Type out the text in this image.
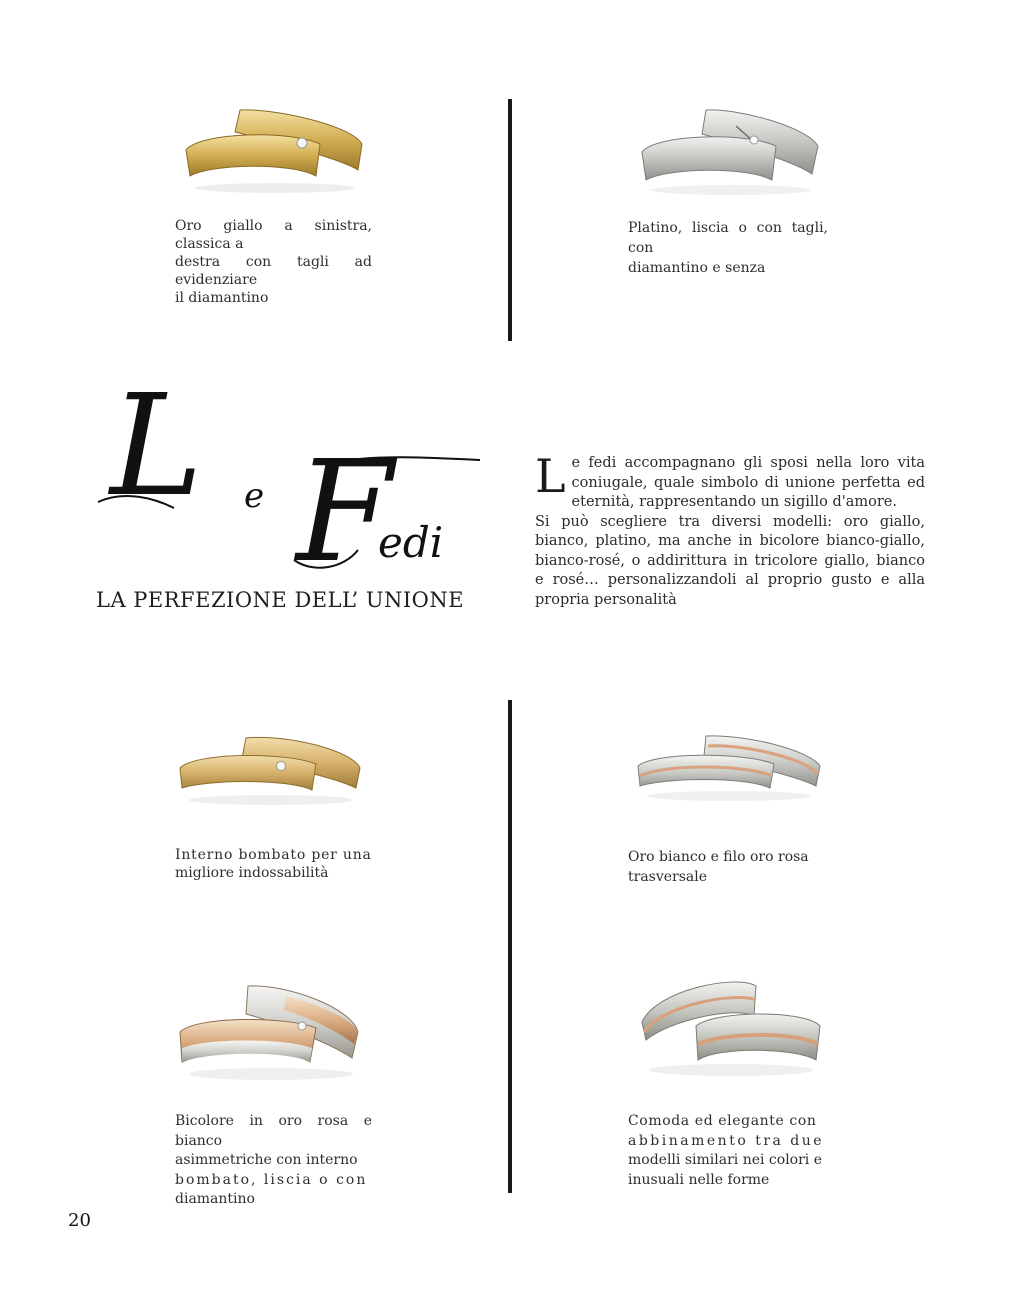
Oro giallo a sinistra, classica a
destra con tagli ad evidenziare
il diamantino
Platino, liscia o con tagli, con
diamantino e senza
Interno bombato per una
migliore indossabilità
Oro bianco e filo oro rosa
trasversale
Bicolore in oro rosa e bianco
asimmetriche con interno
bombato, liscia o con
diamantino
Comoda ed elegante con
abbinamento tra due
modelli similari nei colori e
inusuali nelle forme
L e F
edi
LA PERFEZIONE DELL’ UNIONE
L e fedi accompagnano gli sposi nella loro vita coniugale, quale simbolo di unione perfetta ed eternità, rappresentando un sigillo d'amore.
Si può scegliere tra diversi modelli: oro giallo, bianco, platino, ma anche in bicolore bianco-giallo, bianco-rosé, o addirittura in tricolore giallo, bianco e rosé… personalizzandoli al proprio gusto e alla propria personalità
20
